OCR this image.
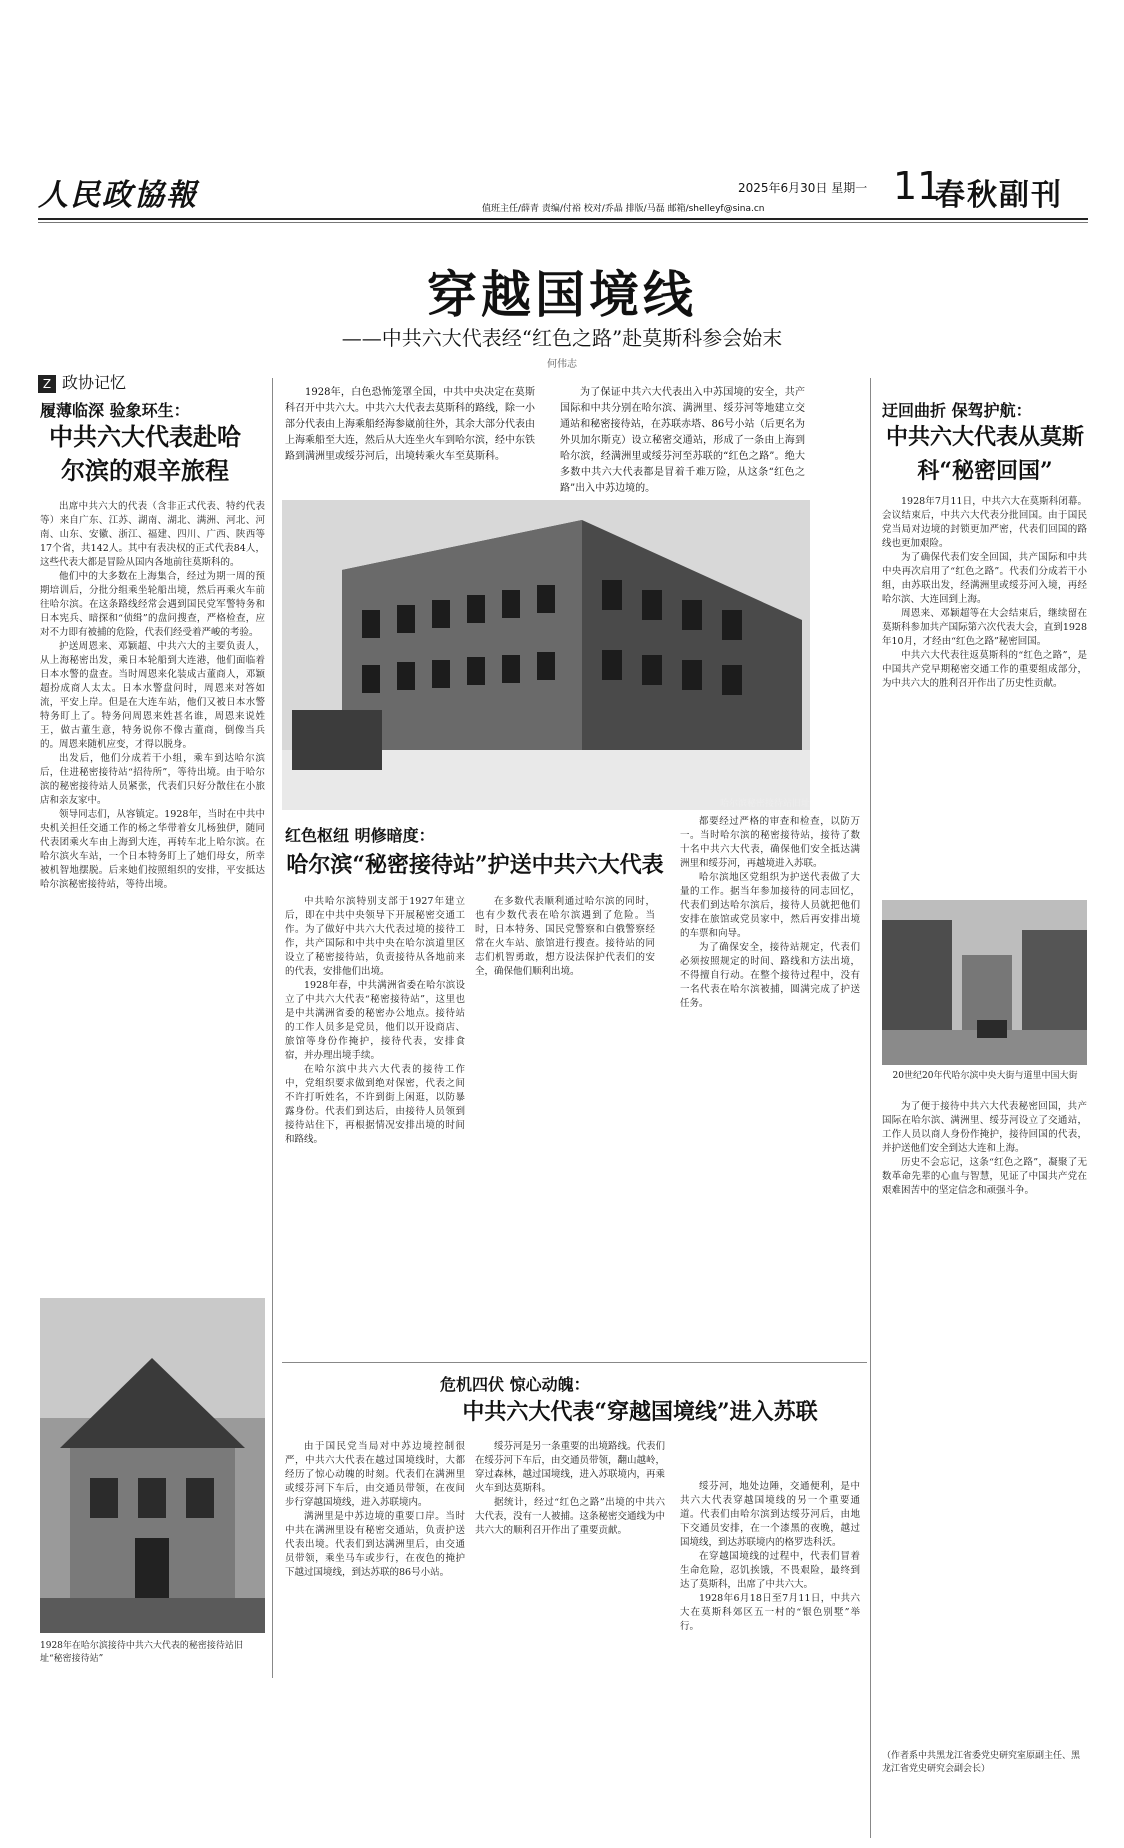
人民政協報	2025年6月30日 星期一 11
春秋副刊
值班主任/薛青 责编/付裕 校对/乔晶 排版/马磊 邮箱/shelleyf@sina.cn
穿越国境线
——中共六大代表经“红色之路”赴莫斯科参会始末
何伟志
Z 政协记忆
履薄临深 验象环生：
中共六大代表赴哈尔滨的艰辛旅程

出席中共六大的代表（含非正式代表、特约代表等）来自广东、江苏、湖南、湖北、满洲、河北、河南、山东、安徽、浙江、福建、四川、广西、陕西等17个省，共142人。其中有表决权的正式代表84人，这些代表大都是冒险从国内各地前往莫斯科的。

他们中的大多数在上海集合，经过为期一周的预期培训后，分批分组乘坐轮船出境，然后再乘火车前往哈尔滨。在这条路线经常会遇到国民党军警特务和日本宪兵、暗探和“侦缉”的盘问搜查，严格检查，应对不力即有被捕的危险，代表们经受着严峻的考验。

护送周恩来、邓颖超、中共六大的主要负责人，从上海秘密出发，乘日本轮船到大连港，他们面临着日本水警的盘查。当时周恩来化装成古董商人，邓颖超扮成商人太太。日本水警盘问时，周恩来对答如流，平安上岸。但是在大连车站，他们又被日本水警特务盯上了。特务问周恩来姓甚名谁，周恩来说姓王，做古董生意，特务说你不像古董商，倒像当兵的。周恩来随机应变，才得以脱身。

出发后，他们分成若干小组，乘车到达哈尔滨后，住进秘密接待站“招待所”，等待出境。由于哈尔滨的秘密接待站人员紧张，代表们只好分散住在小旅店和亲友家中。

领导同志们，从容镇定。1928年，当时在中共中央机关担任交通工作的杨之华带着女儿杨独伊，随同代表团乘火车由上海到大连，再转车北上哈尔滨。在哈尔滨火车站，一个日本特务盯上了她们母女，所幸被机智地摆脱。后来她们按照组织的安排，平安抵达哈尔滨秘密接待站，等待出境。

1928年在哈尔滨接待中共六大代表的秘密接待站旧址“秘密接待站”

1928年，白色恐怖笼罩全国，中共中央决定在莫斯科召开中共六大。中共六大代表去莫斯科的路线，除一小部分代表由上海乘船经海参崴前往外，其余大部分代表由上海乘船至大连，然后从大连坐火车到哈尔滨，经中东铁路到满洲里或绥芬河后，出境转乘火车至莫斯科。

为了保证中共六大代表出入中苏国境的安全，共产国际和中共分别在哈尔滨、满洲里、绥芬河等地建立交通站和秘密接待站，在苏联赤塔、86号小站（后更名为外贝加尔斯克）设立秘密交通站，形成了一条由上海到哈尔滨，经满洲里或绥芬河至苏联的“红色之路”。绝大多数中共六大代表都是冒着千难万险，从这条“红色之路”出入中苏边境的。

哈尔滨秘密接待站旧址
红色枢纽 明修暗度：
哈尔滨“秘密接待站”护送中共六大代表

中共哈尔滨特别支部于1927年建立后，即在中共中央领导下开展秘密交通工作。为了做好中共六大代表过境的接待工作，共产国际和中共中央在哈尔滨道里区设立了秘密接待站，负责接待从各地前来的代表，安排他们出境。

1928年春，中共满洲省委在哈尔滨设立了中共六大代表“秘密接待站”，这里也是中共满洲省委的秘密办公地点。接待站的工作人员多是党员，他们以开设商店、旅馆等身份作掩护，接待代表，安排食宿，并办理出境手续。

在哈尔滨中共六大代表的接待工作中，党组织要求做到绝对保密，代表之间不许打听姓名，不许到街上闲逛，以防暴露身份。代表们到达后，由接待人员领到接待站住下，再根据情况安排出境的时间和路线。

在多数代表顺利通过哈尔滨的同时，也有少数代表在哈尔滨遇到了危险。当时，日本特务、国民党警察和白俄警察经常在火车站、旅馆进行搜查。接待站的同志们机智勇敢，想方设法保护代表们的安全，确保他们顺利出境。

都要经过严格的审查和检查，以防万一。当时哈尔滨的秘密接待站，接待了数十名中共六大代表，确保他们安全抵达满洲里和绥芬河，再越境进入苏联。

哈尔滨地区党组织为护送代表做了大量的工作。据当年参加接待的同志回忆，代表们到达哈尔滨后，接待人员就把他们安排在旅馆或党员家中，然后再安排出境的车票和向导。

为了确保安全，接待站规定，代表们必须按照规定的时间、路线和方法出境，不得擅自行动。在整个接待过程中，没有一名代表在哈尔滨被捕，圆满完成了护送任务。

危机四伏 惊心动魄：
中共六大代表“穿越国境线”进入苏联

由于国民党当局对中苏边境控制很严，中共六大代表在越过国境线时，大都经历了惊心动魄的时刻。代表们在满洲里或绥芬河下车后，由交通员带领，在夜间步行穿越国境线，进入苏联境内。

满洲里是中苏边境的重要口岸。当时中共在满洲里设有秘密交通站，负责护送代表出境。代表们到达满洲里后，由交通员带领，乘坐马车或步行，在夜色的掩护下越过国境线，到达苏联的86号小站。

绥芬河是另一条重要的出境路线。代表们在绥芬河下车后，由交通员带领，翻山越岭，穿过森林，越过国境线，进入苏联境内，再乘火车到达莫斯科。

据统计，经过“红色之路”出境的中共六大代表，没有一人被捕。这条秘密交通线为中共六大的顺利召开作出了重要贡献。

绥芬河，地处边陲，交通便利，是中共六大代表穿越国境线的另一个重要通道。代表们由哈尔滨到达绥芬河后，由地下交通员安排，在一个漆黑的夜晚，越过国境线，到达苏联境内的格罗迭科沃。

在穿越国境线的过程中，代表们冒着生命危险，忍饥挨饿，不畏艰险，最终到达了莫斯科，出席了中共六大。

1928年6月18日至7月11日，中共六大在莫斯科郊区五一村的“银色别墅”举行。

迂回曲折 保驾护航：
中共六大代表从莫斯科“秘密回国”

1928年7月11日，中共六大在莫斯科闭幕。会议结束后，中共六大代表分批回国。由于国民党当局对边境的封锁更加严密，代表们回国的路线也更加艰险。

为了确保代表们安全回国，共产国际和中共中央再次启用了“红色之路”。代表们分成若干小组，由苏联出发，经满洲里或绥芬河入境，再经哈尔滨、大连回到上海。

周恩来、邓颖超等在大会结束后，继续留在莫斯科参加共产国际第六次代表大会，直到1928年10月，才经由“红色之路”秘密回国。

中共六大代表往返莫斯科的“红色之路”，是中国共产党早期秘密交通工作的重要组成部分，为中共六大的胜利召开作出了历史性贡献。

20世纪20年代哈尔滨中央大街与道里中国大街

为了便于接待中共六大代表秘密回国，共产国际在哈尔滨、满洲里、绥芬河设立了交通站，工作人员以商人身份作掩护，接待回国的代表，并护送他们安全到达大连和上海。

历史不会忘记，这条“红色之路”，凝聚了无数革命先辈的心血与智慧，见证了中国共产党在艰难困苦中的坚定信念和顽强斗争。

（作者系中共黑龙江省委党史研究室原副主任、黑龙江省党史研究会副会长）
